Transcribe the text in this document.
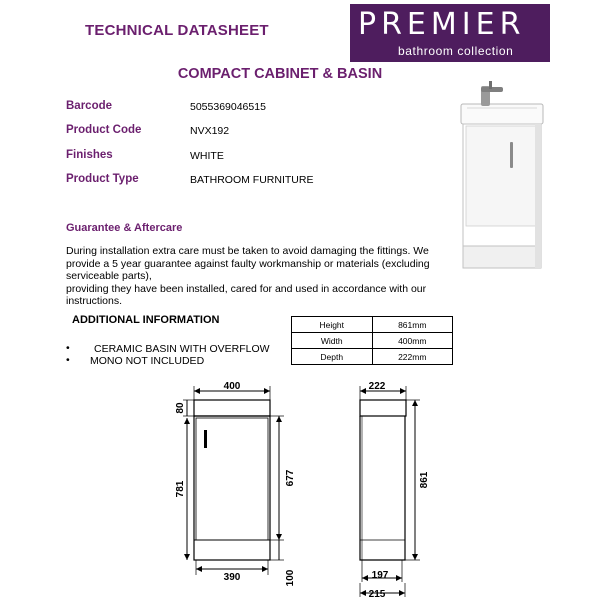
TECHNICAL DATASHEET	PREMIER
bathroom collection
COMPACT CABINET & BASIN
Barcode	5055369046515
Product Code	NVX192
Finishes	WHITE
Product Type	BATHROOM FURNITURE
Guarantee & Aftercare
During installation extra care must be taken to avoid damaging the fittings. We
provide a 5 year guarantee against faulty workmanship or materials (excluding
serviceable parts),
providing they have been installed, cared for and used in accordance with our
instructions.
ADDITIONAL INFORMATION
• CERAMIC BASIN WITH OVERFLOW
• MONO NOT INCLUDED
Height	861mm
Width	400mm
Depth	222mm
400
390
80
781
677
100
222
861
197
215
